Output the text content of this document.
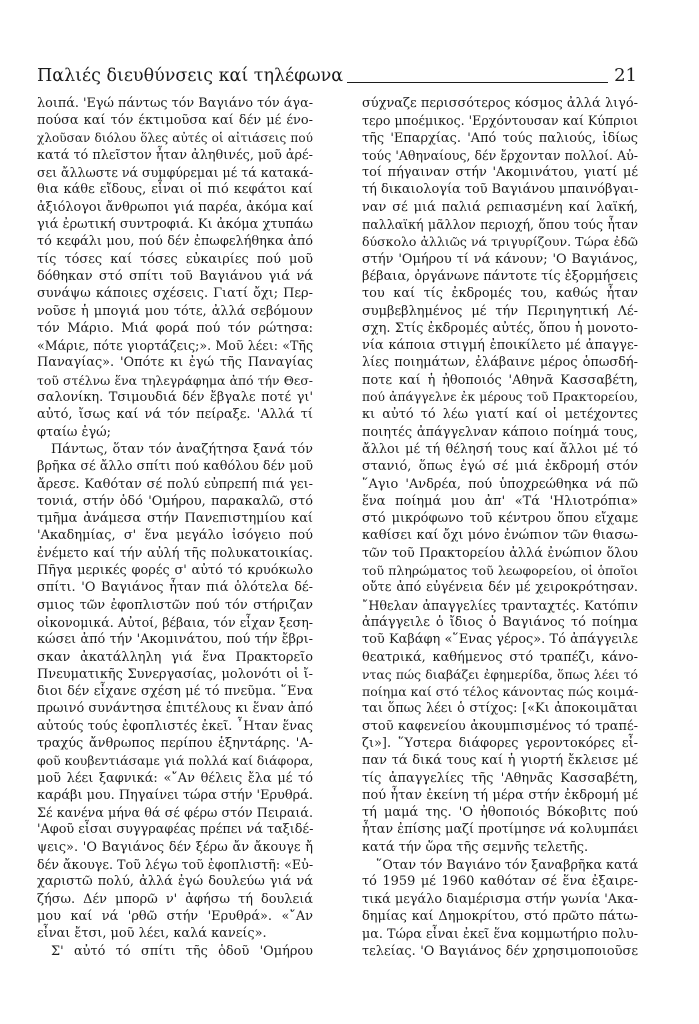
Παλιές διευθύνσεις καί τηλέφωνα	21
λοιπά. 'Εγώ πάντως τόν Βαγιάνο τόν άγα-
πούσα καί τόν έκτιμοῦσα καί δέν μέ ένο-
χλοῦσαν διόλου ὅλες αὐτές οἱ αἰτιάσεις πού
κατά τό πλεῖστον ἦταν ἀληθινές, μοῦ ἀρέ-
σει ἄλλωστε νά συμφύρεμαι μέ τά κατακά-
θια κάθε εἴδους, εἶναι οἱ πιό κεφάτοι καί
ἀξιόλογοι ἄνθρωποι γιά παρέα, ἀκόμα καί
γιά ἐρωτική συντροφιά. Κι ἀκόμα χτυπάω
τό κεφάλι μου, πού δέν ἐπωφελήθηκα ἀπό
τίς τόσες καί τόσες εὐκαιρίες πού μοῦ
δόθηκαν στό σπίτι τοῦ Βαγιάνου γιά νά
συνάψω κάποιες σχέσεις. Γιατί ὄχι; Περ-
νοῦσε ἡ μπογιά μου τότε, ἀλλά σεβόμουν
τόν Μάριο. Μιά φορά πού τόν ρώτησα:
«Μάριε, πότε γιορτάζεις;». Μοῦ λέει: «Τῆς
Παναγίας». 'Οπότε κι ἐγώ τῆς Παναγίας
τοῦ στέλνω ἕνα τηλεγράφημα ἀπό τήν Θεσ-
σαλονίκη. Τσιμουδιά δέν ἔβγαλε ποτέ γι'
αὐτό, ἴσως καί νά τόν πείραξε. 'Αλλά τί
φταίω ἐγώ;
Πάντως, ὅταν τόν ἀναζήτησα ξανά τόν
βρῆκα σέ ἄλλο σπίτι πού καθόλου δέν μοῦ
ἄρεσε. Καθόταν σέ πολύ εὐπρεπή πιά γει-
τονιά, στήν ὁδό 'Ομήρου, παρακαλῶ, στό
τμῆμα ἀνάμεσα στήν Πανεπιστημίου καί
'Ακαδημίας, σ' ἕνα μεγάλο ἰσόγειο πού
ἐνέμετο καί τήν αὐλή τῆς πολυκατοικίας.
Πῆγα μερικές φορές σ' αὐτό τό κρυόκωλο
σπίτι. 'Ο Βαγιάνος ἦταν πιά ὁλότελα δέ-
σμιος τῶν ἐφοπλιστῶν πού τόν στήριζαν
οἰκονομικά. Αὐτοί, βέβαια, τόν εἶχαν ξεση-
κώσει ἀπό τήν 'Ακομινάτου, πού τήν ἔβρι-
σκαν ἀκατάλληλη γιά ἕνα Πρακτορεῖο
Πνευματικῆς Συνεργασίας, μολονότι οἱ ἴ-
διοι δέν εἶχανε σχέση μέ τό πνεῦμα. ῞Ενα
πρωινό συνάντησα ἐπιτέλους κι ἕναν ἀπό
αὐτούς τούς ἐφοπλιστές ἐκεῖ. ῏Ηταν ἕνας
τραχύς ἄνθρωπος περίπου ἑξηντάρης. 'Α-
φοῦ κουβεντιάσαμε γιά πολλά καί διάφορα,
μοῦ λέει ξαφνικά: «῎Αν θέλεις ἔλα μέ τό
καράβι μου. Πηγαίνει τώρα στήν 'Ερυθρά.
Σέ κανένα μήνα θά σέ φέρω στόν Πειραιά.
'Αφοῦ εἶσαι συγγραφέας πρέπει νά ταξιδέ-
ψεις». 'Ο Βαγιάνος δέν ξέρω ἄν ἄκουγε ἤ
δέν ἄκουγε. Τοῦ λέγω τοῦ ἐφοπλιστῆ: «Εὐ-
χαριστῶ πολύ, ἀλλά ἐγώ δουλεύω γιά νά
ζήσω. Δέν μπορῶ ν' ἀφήσω τή δουλειά
μου καί νά 'ρθῶ στήν 'Ερυθρά». «῎Αν
εἶναι ἔτσι, μοῦ λέει, καλά κανείς».
Σ' αὐτό τό σπίτι τῆς ὁδοῦ 'Ομήρου
σύχναζε περισσότερος κόσμος ἀλλά λιγό-
τερο μποέμικος. 'Ερχόντουσαν καί Κύπριοι
τῆς 'Επαρχίας. 'Από τούς παλιούς, ἰδίως
τούς 'Αθηναίους, δέν ἔρχονταν πολλοί. Αὐ-
τοί πήγαιναν στήν 'Ακομινάτου, γιατί μέ
τή δικαιολογία τοῦ Βαγιάνου μπαινόβγαι-
ναν σέ μιά παλιά ρεπιασμένη καί λαϊκή,
παλλαϊκή μᾶλλον περιοχή, ὅπου τούς ἦταν
δύσκολο ἀλλιῶς νά τριγυρίζουν. Τώρα ἐδῶ
στήν 'Ομήρου τί νά κάνουν; 'Ο Βαγιάνος,
βέβαια, ὀργάνωνε πάντοτε τίς ἐξορμήσεις
του καί τίς ἐκδρομές του, καθώς ἦταν
συμβεβλημένος μέ τήν Περιηγητική Λέ-
σχη. Στίς ἐκδρομές αὐτές, ὅπου ἡ μονοτο-
νία κάποια στιγμή ἐποικίλετο μέ ἀπαγγε-
λίες ποιημάτων, ἐλάβαινε μέρος ὁπωσδή-
ποτε καί ἡ ἠθοποιός 'Αθηνᾶ Κασσαβέτη,
πού ἀπάγγελνε ἐκ μέρους τοῦ Πρακτορείου,
κι αὐτό τό λέω γιατί καί οἱ μετέχοντες
ποιητές ἀπάγγελναν κάποιο ποίημά τους,
ἄλλοι μέ τή θέλησή τους καί ἄλλοι μέ τό
στανιό, ὅπως ἐγώ σέ μιά ἐκδρομή στόν
῞Αγιο 'Ανδρέα, πού ὑποχρεώθηκα νά πῶ
ἕνα ποίημά μου ἀπ' «Τά 'Ηλιοτρόπια»
στό μικρόφωνο τοῦ κέντρου ὅπου εἴχαμε
καθίσει καί ὄχι μόνο ἐνώπιον τῶν θιασω-
τῶν τοῦ Πρακτορείου ἀλλά ἐνώπιον ὅλου
τοῦ πληρώματος τοῦ λεωφορείου, οἱ ὁποῖοι
οὔτε ἀπό εὐγένεια δέν μέ χειροκρότησαν.
῎Ηθελαν ἀπαγγελίες τρανταχτές. Κατόπιν
ἀπάγγειλε ὁ ἴδιος ὁ Βαγιάνος τό ποίημα
τοῦ Καβάφη «῞Ενας γέρος». Τό ἀπάγγειλε
θεατρικά, καθήμενος στό τραπέζι, κάνο-
ντας πώς διαβάζει ἐφημερίδα, ὅπως λέει τό
ποίημα καί στό τέλος κάνοντας πώς κοιμά-
ται ὅπως λέει ὁ στίχος: [«Κι ἀποκοιμᾶται
στοῦ καφενείου ἀκουμπισμένος τό τραπέ-
ζι»]. ῞Υστερα διάφορες γεροντοκόρες εἶ-
παν τά δικά τους καί ἡ γιορτή ἔκλεισε μέ
τίς ἀπαγγελίες τῆς 'Αθηνᾶς Κασσαβέτη,
πού ἦταν ἐκείνη τή μέρα στήν ἐκδρομή μέ
τή μαμά της. 'Ο ἠθοποιός Βόκοβιτς πού
ἦταν ἐπίσης μαζί προτίμησε νά κολυμπάει
κατά τήν ὥρα τῆς σεμνῆς τελετῆς.
῞Οταν τόν Βαγιάνο τόν ξαναβρῆκα κατά
τό 1959 μέ 1960 καθόταν σέ ἕνα ἐξαιρε-
τικά μεγάλο διαμέρισμα στήν γωνία 'Ακα-
δημίας καί Δημοκρίτου, στό πρῶτο πάτω-
μα. Τώρα εἶναι ἐκεῖ ἕνα κομμωτήριο πολυ-
τελείας. 'Ο Βαγιάνος δέν χρησιμοποιοῦσε
